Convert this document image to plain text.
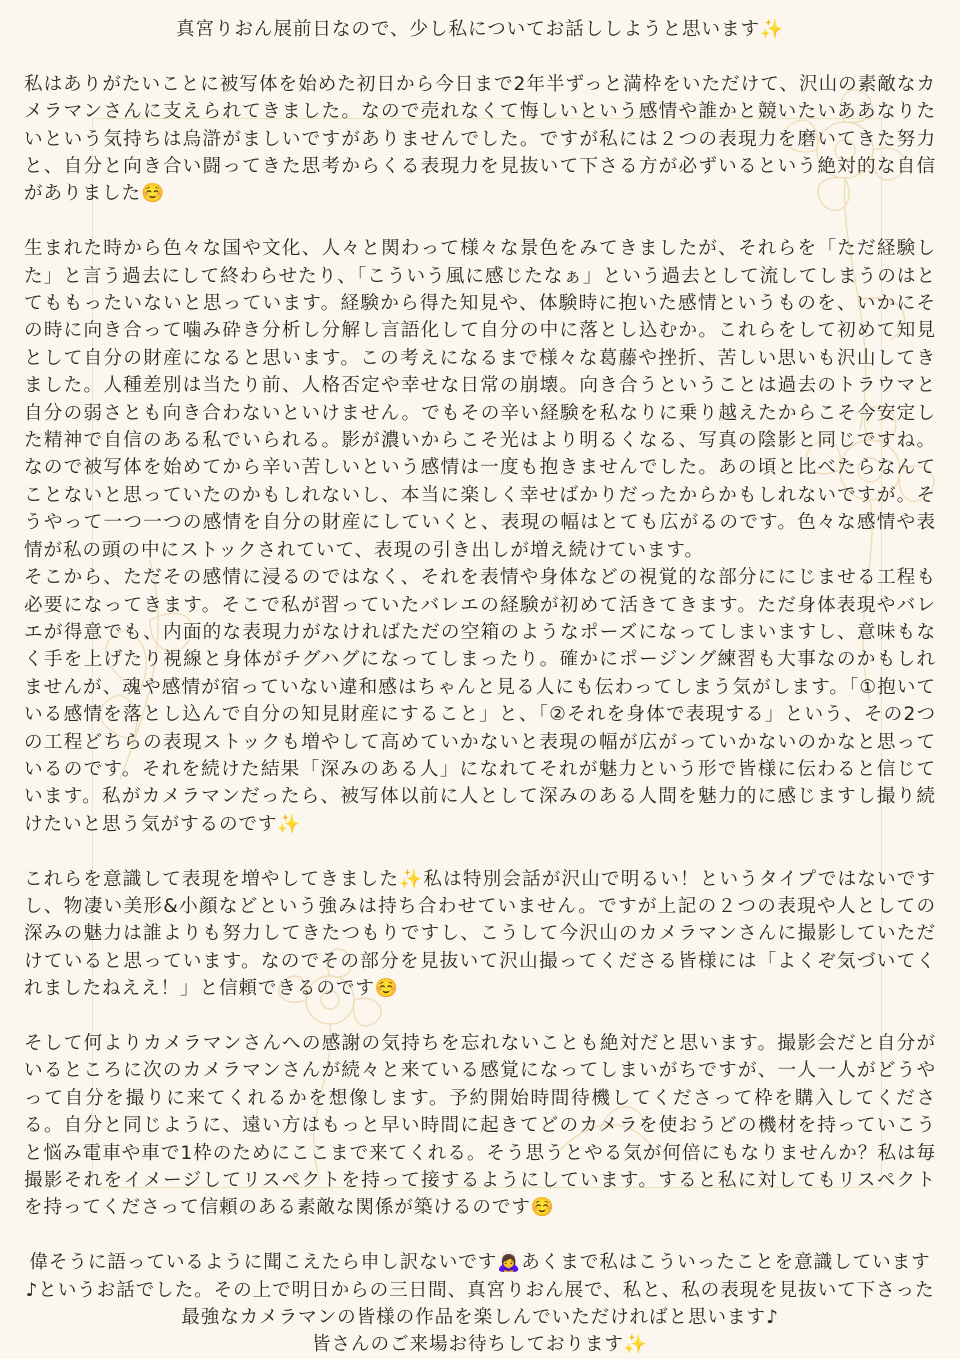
真宮りおん展前日なので、少し私についてお話ししようと思います✨

私はありがたいことに被写体を始めた初日から今日まで2年半ずっと満枠をいただけて、沢山の素敵なカメラマンさんに支えられてきました。なので売れなくて悔しいという感情や誰かと競いたいああなりたいという気持ちは烏滸がましいですがありませんでした。ですが私には２つの表現力を磨いてきた努力と、自分と向き合い闘ってきた思考からくる表現力を見抜いて下さる方が必ずいるという絶対的な自信がありました☺️

生まれた時から色々な国や文化、人々と関わって様々な景色をみてきましたが、それらを「ただ経験した」と言う過去にして終わらせたり、「こういう風に感じたなぁ」という過去として流してしまうのはとてももったいないと思っています。経験から得た知見や、体験時に抱いた感情というものを、いかにその時に向き合って噛み砕き分析し分解し言語化して自分の中に落とし込むか。これらをして初めて知見として自分の財産になると思います。この考えになるまで様々な葛藤や挫折、苦しい思いも沢山してきました。人種差別は当たり前、人格否定や幸せな日常の崩壊。向き合うということは過去のトラウマと自分の弱さとも向き合わないといけません。でもその辛い経験を私なりに乗り越えたからこそ今安定した精神で自信のある私でいられる。影が濃いからこそ光はより明るくなる、写真の陰影と同じですね。なので被写体を始めてから辛い苦しいという感情は一度も抱きませんでした。あの頃と比べたらなんてことないと思っていたのかもしれないし、本当に楽しく幸せばかりだったからかもしれないですが。そうやって一つ一つの感情を自分の財産にしていくと、表現の幅はとても広がるのです。色々な感情や表情が私の頭の中にストックされていて、表現の引き出しが増え続けています。

そこから、ただその感情に浸るのではなく、それを表情や身体などの視覚的な部分ににじませる工程も必要になってきます。そこで私が習っていたバレエの経験が初めて活きてきます。ただ身体表現やバレエが得意でも、内面的な表現力がなければただの空箱のようなポーズになってしまいますし、意味もなく手を上げたり視線と身体がチグハグになってしまったり。確かにポージング練習も大事なのかもしれませんが、魂や感情が宿っていない違和感はちゃんと見る人にも伝わってしまう気がします。「①抱いている感情を落とし込んで自分の知見財産にすること」と、「②それを身体で表現する」という、その2つの工程どちらの表現ストックも増やして高めていかないと表現の幅が広がっていかないのかなと思っているのです。それを続けた結果「深みのある人」になれてそれが魅力という形で皆様に伝わると信じています。私がカメラマンだったら、被写体以前に人として深みのある人間を魅力的に感じますし撮り続けたいと思う気がするのです✨

これらを意識して表現を増やしてきました✨私は特別会話が沢山で明るい！というタイプではないですし、物凄い美形&小顔などという強みは持ち合わせていません。ですが上記の２つの表現や人としての深みの魅力は誰よりも努力してきたつもりですし、こうして今沢山のカメラマンさんに撮影していただけていると思っています。なのでその部分を見抜いて沢山撮ってくださる皆様には「よくぞ気づいてくれましたねええ！」と信頼できるのです☺️

そして何よりカメラマンさんへの感謝の気持ちを忘れないことも絶対だと思います。撮影会だと自分がいるところに次のカメラマンさんが続々と来ている感覚になってしまいがちですが、一人一人がどうやって自分を撮りに来てくれるかを想像します。予約開始時間待機してくださって枠を購入してくださる。自分と同じように、遠い方はもっと早い時間に起きてどのカメラを使おうどの機材を持っていこうと悩み電車や車で1枠のためにここまで来てくれる。そう思うとやる気が何倍にもなりませんか？私は毎撮影それをイメージしてリスペクトを持って接するようにしています。すると私に対してもリスペクトを持ってくださって信頼のある素敵な関係が築けるのです☺️

偉そうに語っているように聞こえたら申し訳ないです🙇‍♀️あくまで私はこういったことを意識しています♪というお話でした。その上で明日からの三日間、真宮りおん展で、私と、私の表現を見抜いて下さった最強なカメラマンの皆様の作品を楽しんでいただければと思います♪

皆さんのご来場お待ちしております✨
